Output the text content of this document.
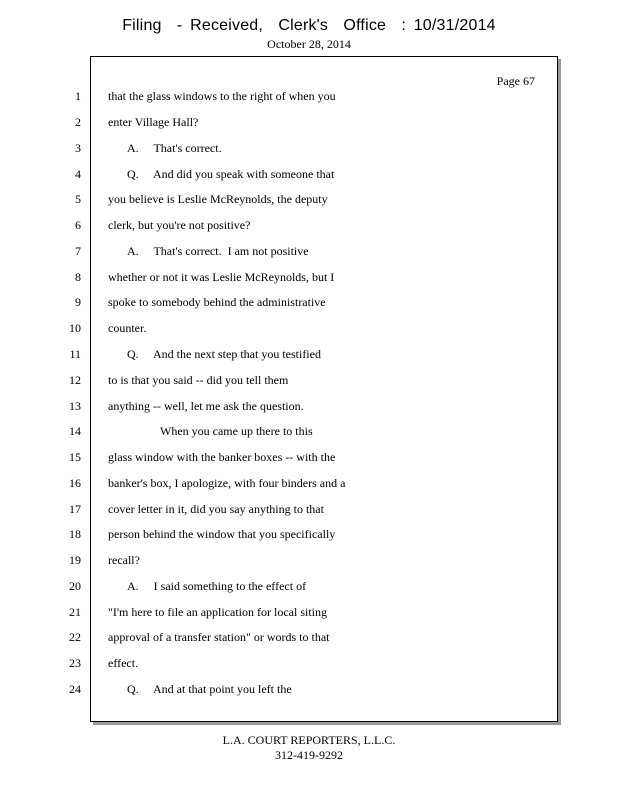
Filing  - Received,  Clerk's  Office  : 10/31/2014
October 28, 2014
Page 67
1
2
3
4
5
6
7
8
9
10
11
12
13
14
15
16
17
18
19
20
21
22
23
24
that the glass windows to the right of when you
enter Village Hall?
A.     That's correct.
Q.     And did you speak with someone that
you believe is Leslie McReynolds, the deputy
clerk, but you're not positive?
A.     That's correct.  I am not positive
whether or not it was Leslie McReynolds, but I
spoke to somebody behind the administrative
counter.
Q.     And the next step that you testified
to is that you said -- did you tell them
anything -- well, let me ask the question.
When you came up there to this
glass window with the banker boxes -- with the
banker's box, I apologize, with four binders and a
cover letter in it, did you say anything to that
person behind the window that you specifically
recall?
A.     I said something to the effect of
"I'm here to file an application for local siting
approval of a transfer station" or words to that
effect.
Q.     And at that point you left the
L.A. COURT REPORTERS, L.L.C.
312-419-9292
